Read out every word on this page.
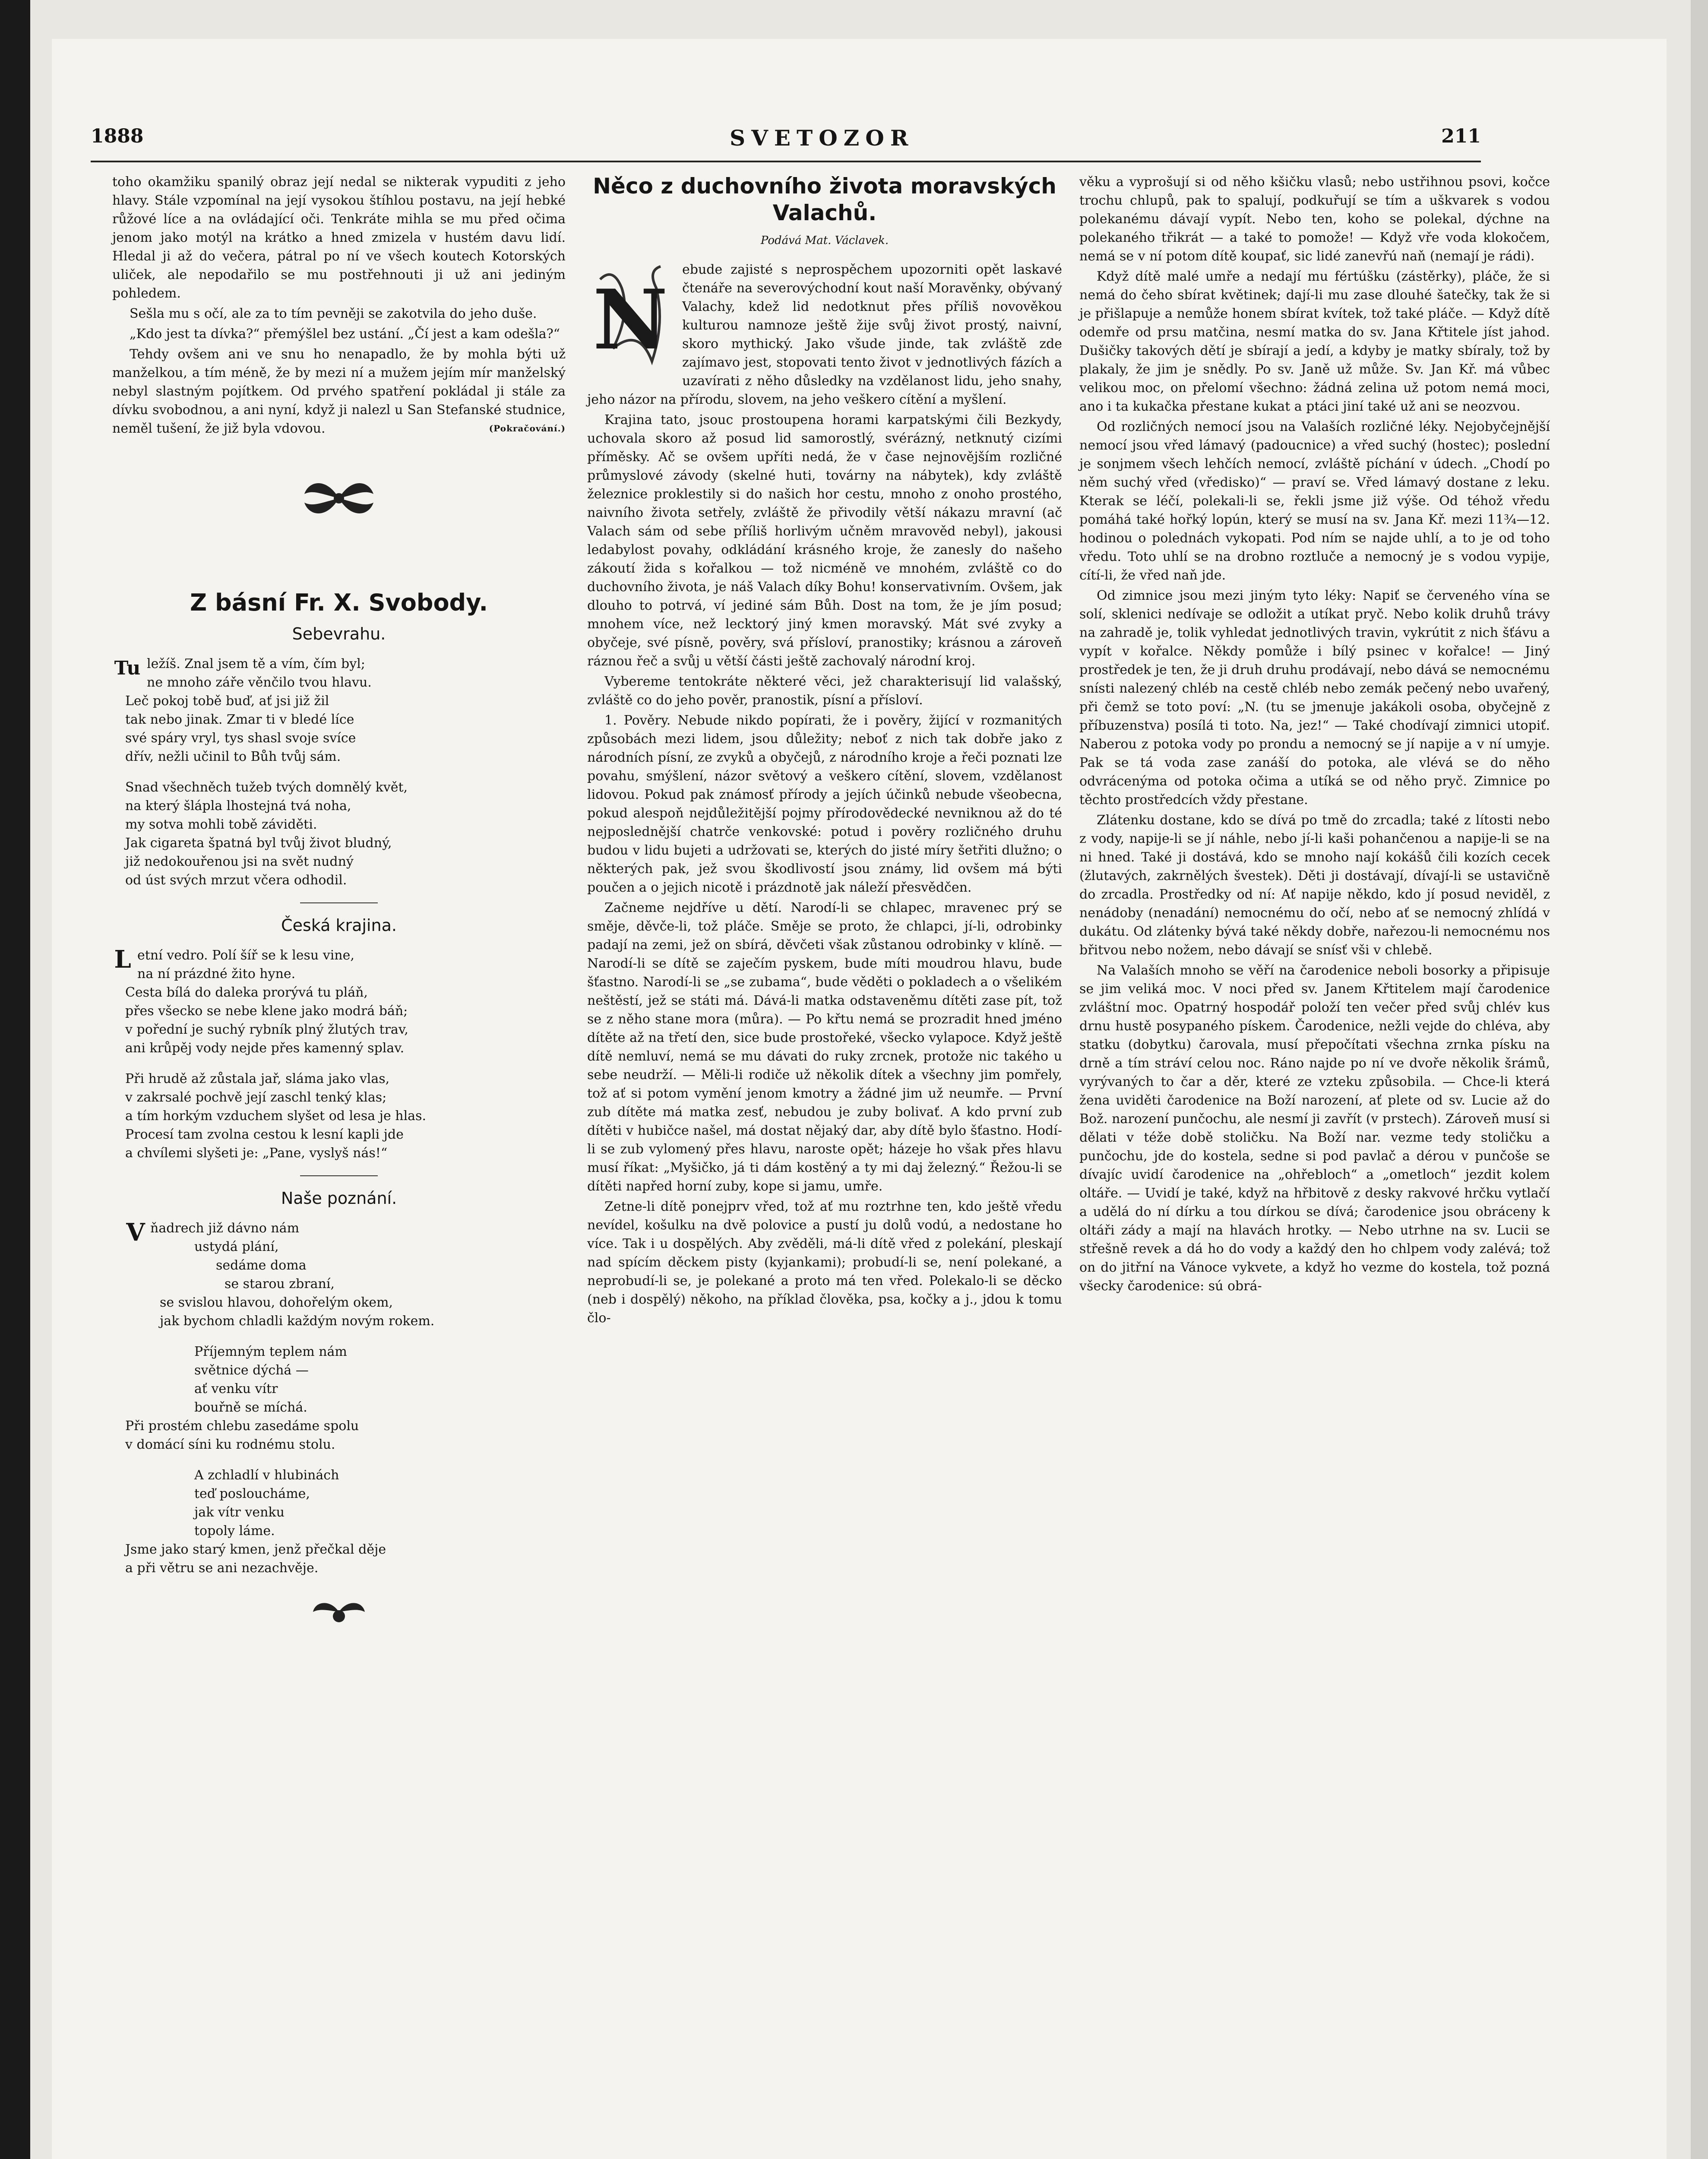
1888	SVETOZOR	211

toho okamžiku spanilý obraz její nedal se nikterak vypuditi z jeho hlavy. Stále vzpomínal na její vysokou štíhlou postavu, na její hebké růžové líce a na ovládající oči. Tenkráte mihla se mu před očima jenom jako motýl na krátko a hned zmizela v hustém davu lidí. Hledal ji až do večera, pátral po ní ve všech koutech Kotorských uliček, ale nepodařilo se mu postřehnouti ji už ani jediným pohledem.

Sešla mu s očí, ale za to tím pevněji se zakotvila do jeho duše.

„Kdo jest ta dívka?“ přemýšlel bez ustání. „Čí jest a kam odešla?“

Tehdy ovšem ani ve snu ho nenapadlo, že by mohla býti už manželkou, a tím méně, že by mezi ní a mužem jejím mír manželský nebyl slastným pojítkem. Od prvého spatření pokládal ji stále za dívku svobodnou, a ani nyní, když ji nalezl u San Stefanské studnice, neměl tušení, že již byla vdovou.	(Pokračování.)

Z básní Fr. X. Svobody.
Sebevrahu.
Tu ležíš. Znal jsem tě a vím, čím byl;
ne mnoho záře věnčilo tvou hlavu.
Leč pokoj tobě buď, ať jsi již žil
tak nebo jinak. Zmar ti v bledé líce
své spáry vryl, tys shasl svoje svíce
dřív, nežli učinil to Bůh tvůj sám.
Snad všechněch tužeb tvých domnělý květ,
na který šlápla lhostejná tvá noha,
my sotva mohli tobě záviděti.
Jak cigareta špatná byl tvůj život bludný,
již nedokouřenou jsi na svět nudný
od úst svých mrzut včera odhodil.
Česká krajina.
Letní vedro. Polí šíř se k lesu vine,
na ní prázdné žito hyne.
Cesta bílá do daleka prorývá tu pláň,
přes všecko se nebe klene jako modrá báň;
v pořední je suchý rybník plný žlutých trav,
ani krůpěj vody nejde přes kamenný splav.
Při hrudě až zůstala jař, sláma jako vlas,
v zakrsalé pochvě její zaschl tenký klas;
a tím horkým vzduchem slyšet od lesa je hlas.
Procesí tam zvolna cestou k lesní kapli jde
a chvílemi slyšeti je: „Pane, vyslyš nás!“
Naše poznání.
Vňadrech již dávno nám
ustydá plání,
sedáme doma
se starou zbraní,
se svislou hlavou, dohořelým okem,
jak bychom chladli každým novým rokem.
Příjemným teplem nám
světnice dýchá —
ať venku vítr
bouřně se míchá.
Při prostém chlebu zasedáme spolu
v domácí síni ku rodnému stolu.
A zchladlí v hlubinách
teď posloucháme,
jak vítr venku
topoly láme.
Jsme jako starý kmen, jenž přečkal děje
a při větru se ani nezachvěje.
Něco z duchovního života moravských Valachů.
Podává Mat. Václavek.

N
ebude zajisté s neprospěchem upozorniti opět laskavé čtenáře na severovýchodní kout naší Moravěnky, obývaný Valachy, kdež lid nedotknut přes příliš novověkou kulturou namnoze ještě žije svůj život prostý, naivní, skoro mythický. Jako všude jinde, tak zvláště zde zajímavo jest, stopovati tento život v jednotlivých fázích a uzavírati z něho důsledky na vzdělanost lidu, jeho snahy, jeho názor na přírodu, slovem, na jeho veškero cítění a myšlení.

Krajina tato, jsouc prostoupena horami karpatskými čili Bezkydy, uchovala skoro až posud lid samorostlý, svérázný, netknutý cizími příměsky. Ač se ovšem upříti nedá, že v čase nejnovějším rozličné průmyslové závody (skelné huti, továrny na nábytek), kdy zvláště železnice proklestily si do našich hor cestu, mnoho z onoho prostého, naivního života setřely, zvláště že přivodily větší nákazu mravní (ač Valach sám od sebe příliš horlivým učněm mravověd nebyl), jakousi ledabylost povahy, odkládání krásného kroje, že zanesly do našeho zákoutí žida s kořalkou — tož nicméně ve mnohém, zvláště co do duchovního života, je náš Valach díky Bohu! konservativním. Ovšem, jak dlouho to potrvá, ví jediné sám Bůh. Dost na tom, že je jím posud; mnohem více, než lecktorý jiný kmen moravský. Mát své zvyky a obyčeje, své písně, pověry, svá přísloví, pranostiky; krásnou a zároveň ráznou řeč a svůj u větší části ještě zachovalý národní kroj.

Vybereme tentokráte některé věci, jež charakterisují lid valašský, zvláště co do jeho pověr, pranostik, písní a přísloví.

1. Pověry. Nebude nikdo popírati, že i pověry, žijící v rozmanitých způsobách mezi lidem, jsou důležity; neboť z nich tak dobře jako z národních písní, ze zvyků a obyčejů, z národního kroje a řeči poznati lze povahu, smýšlení, názor světový a veškero cítění, slovem, vzdělanost lidovou. Pokud pak známosť přírody a jejích účinků nebude všeobecna, pokud alespoň nejdůležitější pojmy přírodovědecké nevniknou až do té nejposlednější chatrče venkovské: potud i pověry rozličného druhu budou v lidu bujeti a udržovati se, kterých do jisté míry šetřiti dlužno; o některých pak, jež svou škodlivostí jsou známy, lid ovšem má býti poučen a o jejich nicotě i prázdnotě jak náleží přesvědčen.

Začneme nejdříve u dětí. Narodí-li se chlapec, mravenec prý se směje, děvče-li, tož pláče. Směje se proto, že chlapci, jí-li, odrobinky padají na zemi, jež on sbírá, děvčeti však zůstanou odrobinky v klíně. — Narodí-li se dítě se zaječím pyskem, bude míti moudrou hlavu, bude šťastno. Narodí-li se „se zubama“, bude věděti o pokladech a o všelikém neštěstí, jež se státi má. Dává-li matka odstaveněmu dítěti zase pít, tož se z něho stane mora (můra). — Po křtu nemá se prozradit hned jméno dítěte až na třetí den, sice bude prostořeké, všecko vylapoce. Když ještě dítě nemluví, nemá se mu dávati do ruky zrcnek, protože nic takého u sebe neudrží. — Měli-li rodiče už několik dítek a všechny jim pomřely, tož ať si potom vymění jenom kmotry a žádné jim už neumře. — První zub dítěte má matka zesť, nebudou je zuby bolivať. A kdo první zub dítěti v hubičce našel, má dostat nějaký dar, aby dítě bylo šťastno. Hodí-li se zub vylomený přes hlavu, naroste opět; házeje ho však přes hlavu musí říkat: „Myšičko, já ti dám kostěný a ty mi daj železný.“ Řežou-li se dítěti napřed horní zuby, kope si jamu, umře.

Zetne-li dítě ponejprv vřed, tož ať mu roztrhne ten, kdo ještě vředu nevídel, košulku na dvě polovice a pustí ju dolů vodú, a nedostane ho více. Tak i u dospělých. Aby zvěděli, má-li dítě vřed z polekání, pleskají nad spícím děckem pisty (kyjankami); probudí-li se, není polekané, a neprobudí-li se, je polekané a proto má ten vřed. Polekalo-li se děcko (neb i dospělý) někoho, na příklad člověka, psa, kočky a j., jdou k tomu člo-

věku a vyprošují si od něho kšičku vlasů; nebo ustřihnou psovi, kočce trochu chlupů, pak to spalují, podkuřují se tím a uškvarek s vodou polekanému dávají vypít. Nebo ten, koho se polekal, dýchne na polekaného třikrát — a také to pomože! — Když vře voda klokočem, nemá se v ní potom dítě koupať, sic lidé zanevřú naň (nemají je rádi).

Když dítě malé umře a nedají mu fértúšku (zástěrky), pláče, že si nemá do čeho sbírat květinek; dají-li mu zase dlouhé šatečky, tak že si je přišlapuje a nemůže honem sbírat kvítek, tož také pláče. — Když dítě odemře od prsu matčina, nesmí matka do sv. Jana Křtitele jíst jahod. Dušičky takových dětí je sbírají a jedí, a kdyby je matky sbíraly, tož by plakaly, že jim je snědly. Po sv. Janě už může. Sv. Jan Kř. má vůbec velikou moc, on přelomí všechno: žádná zelina už potom nemá moci, ano i ta kukačka přestane kukat a ptáci jiní také už ani se neozvou.

Od rozličných nemocí jsou na Valaších rozličné léky. Nejobyčejnější nemocí jsou vřed lámavý (padoucnice) a vřed suchý (hostec); poslední je sonjmem všech lehčích nemocí, zvláště píchání v údech. „Chodí po něm suchý vřed (vředisko)“ — praví se. Vřed lámavý dostane z leku. Kterak se léčí, polekali-li se, řekli jsme již výše. Od téhož vředu pomáhá také hořký lopún, který se musí na sv. Jana Kř. mezi 11¾—12. hodinou o polednách vykopati. Pod ním se najde uhlí, a to je od toho vředu. Toto uhlí se na drobno roztluče a nemocný je s vodou vypije, cítí-li, že vřed naň jde.

Od zimnice jsou mezi jiným tyto léky: Napiť se červeného vína se solí, sklenici nedívaje se odložit a utíkat pryč. Nebo kolik druhů trávy na zahradě je, tolik vyhledat jednotlivých travin, vykrútit z nich šťávu a vypít v kořalce. Někdy pomůže i bílý psinec v kořalce! — Jiný prostředek je ten, že ji druh druhu prodávají, nebo dává se nemocnému snísti nalezený chléb na cestě chléb nebo zemák pečený nebo uvařený, při čemž se toto poví: „N. (tu se jmenuje jakákoli osoba, obyčejně z příbuzenstva) posílá ti toto. Na, jez!“ — Také chodívají zimnici utopiť. Naberou z potoka vody po prondu a nemocný se jí napije a v ní umyje. Pak se tá voda zase zanáší do potoka, ale vlévá se do něho odvrácenýma od potoka očima a utíká se od něho pryč. Zimnice po těchto prostředcích vždy přestane.

Zlátenku dostane, kdo se dívá po tmě do zrcadla; také z lítosti nebo z vody, napije-li se jí náhle, nebo jí-li kaši pohančenou a napije-li se na ni hned. Také ji dostává, kdo se mnoho nají kokášů čili kozích cecek (žlutavých, zakrnělých švestek). Děti ji dostávají, dívají-li se ustavičně do zrcadla. Prostředky od ní: Ať napije někdo, kdo jí posud neviděl, z nenádoby (nenadání) nemocnému do očí, nebo ať se nemocný zhlídá v dukátu. Od zlátenky bývá také někdy dobře, nařezou-li nemocnému nos břitvou nebo nožem, nebo dávají se snísť vši v chlebě.

Na Valaších mnoho se věří na čarodenice neboli bosorky a připisuje se jim veliká moc. V noci před sv. Janem Křtitelem mají čarodenice zvláštní moc. Opatrný hospodář položí ten večer před svůj chlév kus drnu hustě posypaného pískem. Čarodenice, nežli vejde do chléva, aby statku (dobytku) čarovala, musí přepočítati všechna zrnka písku na drně a tím stráví celou noc. Ráno najde po ní ve dvoře několik šrámů, vyrývaných to čar a děr, které ze vzteku způsobila. — Chce-li která žena uviděti čarodenice na Boží narození, ať plete od sv. Lucie až do Bož. narození punčochu, ale nesmí ji zavřít (v prstech). Zároveň musí si dělati v téže době stoličku. Na Boží nar. vezme tedy stoličku a punčochu, jde do kostela, sedne si pod pavlač a dérou v punčoše se dívajíc uvidí čarodenice na „ohřebloch“ a „ometloch“ jezdit kolem oltáře. — Uvidí je také, když na hřbitově z desky rakvové hrčku vytlačí a udělá do ní dírku a tou dírkou se dívá; čarodenice jsou obráceny k oltáři zády a mají na hlavách hrotky. — Nebo utrhne na sv. Lucii se střešně revek a dá ho do vody a každý den ho chlpem vody zalévá; tož on do jitřní na Vánoce vykvete, a když ho vezme do kostela, tož pozná všecky čarodenice: sú obrá-
